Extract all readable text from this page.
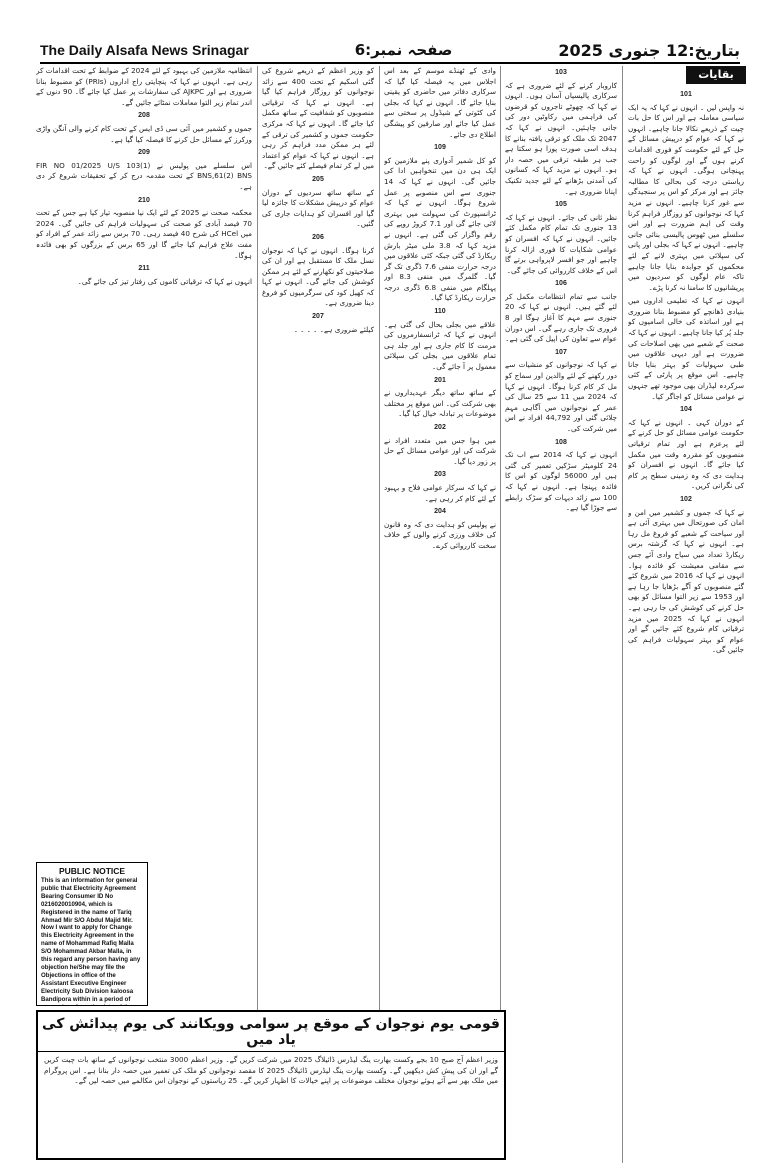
The Daily Alsafa News Srinagar	صفحہ نمبر:6	بتاریخ:12 جنوری 2025
بقایات
101

نہ واپس لیں ۔ انہوں نے کہا کہ یہ ایک سیاسی معاملہ ہے اور اس کا حل بات چیت کے ذریعے نکالا جانا چاہیے۔ انہوں نے کہا کہ عوام کو درپیش مسائل کے حل کے لئے حکومت کو فوری اقدامات کرنے ہوں گے اور لوگوں کو راحت پہنچانی ہوگی۔ انہوں نے کہا کہ ریاستی درجہ کی بحالی کا مطالبہ جائز ہے اور مرکز کو اس پر سنجیدگی سے غور کرنا چاہیے۔ انہوں نے مزید کہا کہ نوجوانوں کو روزگار فراہم کرنا وقت کی اہم ضرورت ہے اور اس سلسلے میں ٹھوس پالیسی بنائی جانی چاہیے۔ انہوں نے کہا کہ بجلی اور پانی کی سپلائی میں بہتری لانے کے لئے محکموں کو جوابدہ بنایا جانا چاہیے تاکہ عام لوگوں کو سردیوں میں پریشانیوں کا سامنا نہ کرنا پڑے۔

انہوں نے کہا کہ تعلیمی اداروں میں بنیادی ڈھانچے کو مضبوط بنانا ضروری ہے اور اساتذہ کی خالی اسامیوں کو جلد پُر کیا جانا چاہیے۔ انہوں نے کہا کہ صحت کے شعبے میں بھی اصلاحات کی ضرورت ہے اور دیہی علاقوں میں طبی سہولیات کو بہتر بنایا جانا چاہیے۔ اس موقع پر پارٹی کے کئی سرکردہ لیڈران بھی موجود تھے جنہوں نے عوامی مسائل کو اجاگر کیا۔

104

کے دوران کہی ۔ انہوں نے کہا کہ حکومت عوامی مسائل کو حل کرنے کے لئے پرعزم ہے اور تمام ترقیاتی منصوبوں کو مقررہ وقت میں مکمل کیا جائے گا۔ انہوں نے افسران کو ہدایت دی کہ وہ زمینی سطح پر کام کی نگرانی کریں۔

102

نے کہا کہ جموں و کشمیر میں امن و امان کی صورتحال میں بہتری آئی ہے اور سیاحت کے شعبے کو فروغ مل رہا ہے۔ انہوں نے کہا کہ گزشتہ برس ریکارڈ تعداد میں سیاح وادی آئے جس سے مقامی معیشت کو فائدہ ہوا۔ انہوں نے کہا کہ 2016 میں شروع کئے گئے منصوبوں کو آگے بڑھایا جا رہا ہے اور 1953 سے زیر التوا مسائل کو بھی حل کرنے کی کوشش کی جا رہی ہے۔ انہوں نے کہا کہ 2025 میں مزید ترقیاتی کام شروع کئے جائیں گے اور عوام کو بہتر سہولیات فراہم کی جائیں گی۔

103

کاروبار کرنے کے لئے ضروری ہے کہ سرکاری پالیسیاں آسان ہوں۔ انہوں نے کہا کہ چھوٹے تاجروں کو قرضوں کی فراہمی میں رکاوٹیں دور کی جانی چاہئیں۔ انہوں نے کہا کہ 2047 تک ملک کو ترقی یافتہ بنانے کا ہدف اسی صورت پورا ہو سکتا ہے جب ہر طبقہ ترقی میں حصہ دار ہو۔ انہوں نے مزید کہا کہ کسانوں کی آمدنی بڑھانے کے لئے جدید تکنیک اپنانا ضروری ہے۔

105

نظر ثانی کی جائے۔ انہوں نے کہا کہ 13 جنوری تک تمام کام مکمل کئے جائیں۔ انہوں نے کہا کہ افسران کو عوامی شکایات کا فوری ازالہ کرنا چاہیے اور جو افسر لاپرواہی برتے گا اس کے خلاف کارروائی کی جائے گی۔

106

جانب سے تمام انتظامات مکمل کر لئے گئے ہیں۔ انہوں نے کہا کہ 20 جنوری سے مہم کا آغاز ہوگا اور 8 فروری تک جاری رہے گی۔ اس دوران عوام سے تعاون کی اپیل کی گئی ہے۔

107

نے کہا کہ نوجوانوں کو منشیات سے دور رکھنے کے لئے والدین اور سماج کو مل کر کام کرنا ہوگا۔ انہوں نے کہا کہ 2024 میں 11 سے 25 سال کی عمر کے نوجوانوں میں آگاہی مہم چلائی گئی اور 44,792 افراد نے اس میں شرکت کی۔

108

انہوں نے کہا کہ 2014 سے اب تک 24 کلومیٹر سڑکیں تعمیر کی گئی ہیں اور 56000 لوگوں کو اس کا فائدہ پہنچا ہے۔ انہوں نے کہا کہ 100 سے زائد دیہات کو سڑک رابطے سے جوڑا گیا ہے۔

وادی کے ٹھنڈے موسم کے بعد اس اجلاس میں یہ فیصلہ کیا گیا کہ سرکاری دفاتر میں حاضری کو یقینی بنایا جائے گا۔ انہوں نے کہا کہ بجلی کی کٹوتی کے شیڈول پر سختی سے عمل کیا جائے اور صارفین کو پیشگی اطلاع دی جائے۔

109

کو کل شمیر آدواری پنے ملازمین کو ایک ہی دن میں تنخواہیں ادا کی جائیں گی۔ انہوں نے کہا کہ 14 جنوری سے اس منصوبے پر عمل شروع ہوگا۔ انہوں نے کہا کہ ٹرانسپورٹ کی سہولت میں بہتری لائی جائے گی اور 7.1 کروڑ روپے کی رقم واگزار کی گئی ہے۔ انہوں نے مزید کہا کہ 3.8 ملی میٹر بارش ریکارڈ کی گئی جبکہ کئی علاقوں میں درجہ حرارت منفی 7.6 ڈگری تک گر گیا۔ گلمرگ میں منفی 8.3 اور پہلگام میں منفی 6.8 ڈگری درجہ حرارت ریکارڈ کیا گیا۔

110

علاقے میں بجلی بحال کی گئی ہے۔ انہوں نے کہا کہ ٹرانسفارمروں کی مرمت کا کام جاری ہے اور جلد ہی تمام علاقوں میں بجلی کی سپلائی معمول پر آ جائے گی۔

201

کے ساتھ ساتھ دیگر عہدیداروں نے بھی شرکت کی۔ اس موقع پر مختلف موضوعات پر تبادلہ خیال کیا گیا۔

202

میں ہوا جس میں متعدد افراد نے شرکت کی اور عوامی مسائل کے حل پر زور دیا گیا۔

203

نے کہا کہ سرکار عوامی فلاح و بہبود کے لئے کام کر رہی ہے۔

204

نے پولیس کو ہدایت دی کہ وہ قانون کی خلاف ورزی کرنے والوں کے خلاف سخت کارروائی کرے۔

کو وزیر اعظم کے ذریعے شروع کی گئی اسکیم کے تحت 400 سے زائد نوجوانوں کو روزگار فراہم کیا گیا ہے۔ انہوں نے کہا کہ ترقیاتی منصوبوں کو شفافیت کے ساتھ مکمل کیا جائے گا۔ انہوں نے کہا کہ مرکزی حکومت جموں و کشمیر کی ترقی کے لئے ہر ممکن مدد فراہم کر رہی ہے۔ انہوں نے کہا کہ عوام کو اعتماد میں لے کر تمام فیصلے کئے جائیں گے۔

205

کے ساتھ ساتھ سردیوں کے دوران عوام کو درپیش مشکلات کا جائزہ لیا گیا اور افسران کو ہدایات جاری کی گئیں۔

206

کرنا ہوگا۔ انہوں نے کہا کہ نوجوان نسل ملک کا مستقبل ہے اور ان کی صلاحیتوں کو نکھارنے کے لئے ہر ممکن کوشش کی جائے گی۔ انہوں نے کہا کہ کھیل کود کی سرگرمیوں کو فروغ دینا ضروری ہے۔

207

کیلئے ضروری ہے۔ ۔ ۔ ۔ ۔

انتظامیہ ملازمین کی بہبود کے لئے 2024 کے ضوابط کے تحت اقدامات کر رہی ہے۔ انہوں نے کہا کہ پنچایتی راج اداروں (PRIs) کو مضبوط بنانا ضروری ہے اور AJKPC کی سفارشات پر عمل کیا جائے گا۔ 90 دنوں کے اندر تمام زیر التوا معاملات نمٹائے جائیں گے۔

208

جموں و کشمیر میں آئی سی ڈی ایس کے تحت کام کرنے والی آنگن واڑی ورکرز کے مسائل حل کرنے کا فیصلہ کیا گیا ہے۔

209

اس سلسلے میں پولیس نے FIR NO 01/2025 U/S 103(1) BNS,61(2) BNS کے تحت مقدمہ درج کر کے تحقیقات شروع کر دی ہے۔

210

محکمہ صحت نے 2025 کے لئے ایک نیا منصوبہ تیار کیا ہے جس کے تحت 70 فیصد آبادی کو صحت کی سہولیات فراہم کی جائیں گی۔ 2024 میں HCel کی شرح 40 فیصد رہی۔ 70 برس سے زائد عمر کے افراد کو مفت علاج فراہم کیا جائے گا اور 65 برس کے بزرگوں کو بھی فائدہ ہوگا۔

211

انہوں نے کہا کہ ترقیاتی کاموں کی رفتار تیز کی جائے گی۔

PUBLIC NOTICE
This is an information for general public that Electricity Agreement Bearing Consumer ID No 0216020010904, which is Registered in the name of Tariq Ahmad Mir S/O Abdul Majid Mir. Now I want to apply for Change this Electricity Agreement in the name of Mohammad Rafiq Malla S/O Mohammad Akbar Malla, in this regard any person having any objection he/She may file the Objections in office of the Assistant Executive Engineer Electricity Sub Division kaloosa Bandipora within in a period of
قومی یوم نوجوان کے موقع پر سوامی وویکانند کی یوم پیدائش کی یاد میں
وزیر اعظم آج صبح 10 بجے وکست بھارت ینگ لیڈرس ڈائیلاگ 2025 میں شرکت کریں گے۔ وزیر اعظم 3000 منتخب نوجوانوں کے ساتھ بات چیت کریں گے اور ان کی پیش کش دیکھیں گے۔ وکست بھارت ینگ لیڈرس ڈائیلاگ 2025 کا مقصد نوجوانوں کو ملک کی تعمیر میں حصہ دار بنانا ہے۔ اس پروگرام میں ملک بھر سے آئے ہوئے نوجوان مختلف موضوعات پر اپنے خیالات کا اظہار کریں گے۔ 25 ریاستوں کے نوجوان اس مکالمے میں حصہ لیں گے۔
